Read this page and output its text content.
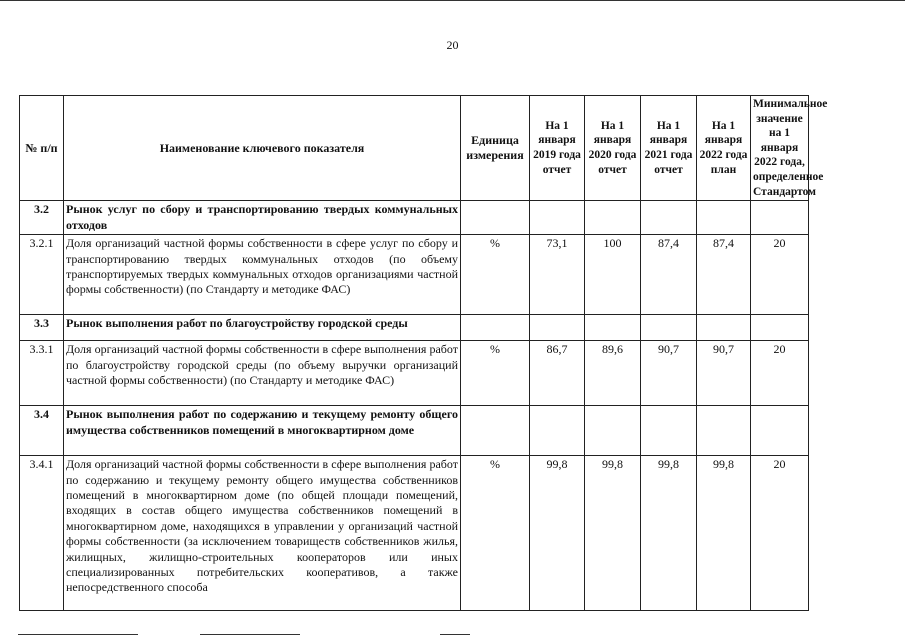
20
№ п/п	Наименование ключевого показателя	Единица измерения	На 1 января 2019 года отчет	На 1 января 2020 года отчет	На 1 января 2021 года отчет	На 1 января 2022 года план	Минимальное значение на 1 января 2022 года, определенное Стандартом
3.2	Рынок услуг по сбору и транспортированию твердых коммунальных отходов						
3.2.1	Доля организаций частной формы собственности в сфере услуг по сбору и транспортированию твердых коммунальных отходов (по объему транспортируемых твердых коммунальных отходов организациями частной формы собственности) (по Стандарту и методике ФАС)	%	73,1	100	87,4	87,4	20
3.3	Рынок выполнения работ по благоустройству городской среды						
3.3.1	Доля организаций частной формы собственности в сфере выполнения работ по благоустройству городской среды (по объему выручки организаций частной формы собственности) (по Стандарту и методике ФАС)	%	86,7	89,6	90,7	90,7	20
3.4	Рынок выполнения работ по содержанию и текущему ремонту общего имущества собственников помещений в многоквартирном доме						
3.4.1	Доля организаций частной формы собственности в сфере выполнения работ по содержанию и текущему ремонту общего имущества собственников помещений в многоквартирном доме (по общей площади помещений, входящих в состав общего имущества собственников помещений в многоквартирном доме, находящихся в управлении у организаций частной формы собственности (за исключением товариществ собственников жилья, жилищных, жилищно-строительных кооператоров или иных специализированных потребительских кооперативов, а также непосредственного способа	%	99,8	99,8	99,8	99,8	20
